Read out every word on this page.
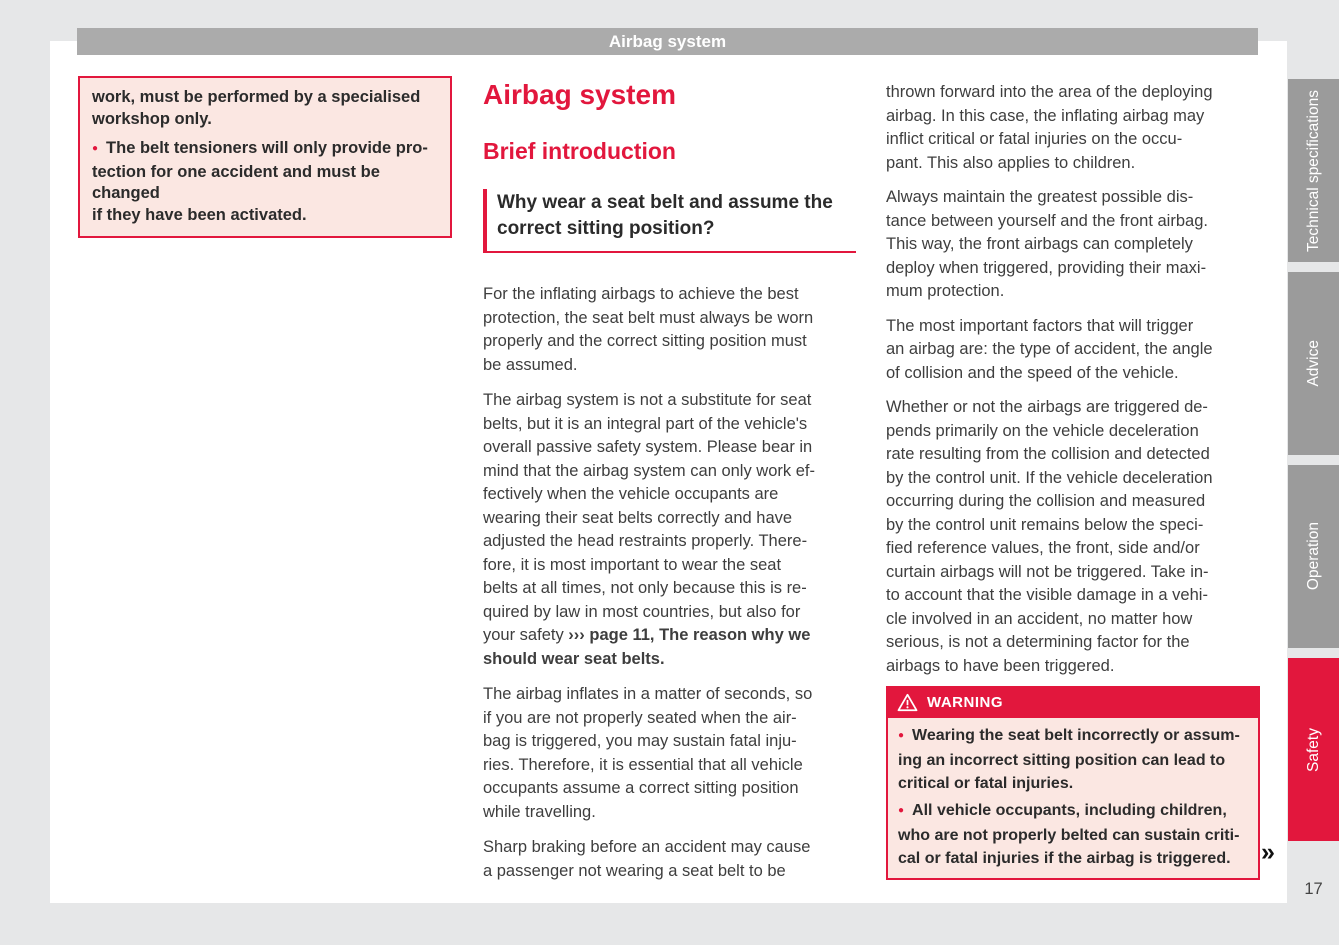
Airbag system

work, must be performed by a specialised
workshop only.

● The belt tensioners will only provide pro-
tection for one accident and must be changed
if they have been activated.

Airbag system
Brief introduction
Why wear a seat belt and assume the
correct sitting position?

For the inflating airbags to achieve the best
protection, the seat belt must always be worn
properly and the correct sitting position must
be assumed.

The airbag system is not a substitute for seat
belts, but it is an integral part of the vehicle's
overall passive safety system. Please bear in
mind that the airbag system can only work ef-
fectively when the vehicle occupants are
wearing their seat belts correctly and have
adjusted the head restraints properly. There-
fore, it is most important to wear the seat
belts at all times, not only because this is re-
quired by law in most countries, but also for
your safety ››› page 11, The reason why we
should wear seat belts.

The airbag inflates in a matter of seconds, so
if you are not properly seated when the air-
bag is triggered, you may sustain fatal inju-
ries. Therefore, it is essential that all vehicle
occupants assume a correct sitting position
while travelling.

Sharp braking before an accident may cause
a passenger not wearing a seat belt to be

thrown forward into the area of the deploying
airbag. In this case, the inflating airbag may
inflict critical or fatal injuries on the occu-
pant. This also applies to children.

Always maintain the greatest possible dis-
tance between yourself and the front airbag.
This way, the front airbags can completely
deploy when triggered, providing their maxi-
mum protection.

The most important factors that will trigger
an airbag are: the type of accident, the angle
of collision and the speed of the vehicle.

Whether or not the airbags are triggered de-
pends primarily on the vehicle deceleration
rate resulting from the collision and detected
by the control unit. If the vehicle deceleration
occurring during the collision and measured
by the control unit remains below the speci-
fied reference values, the front, side and/or
curtain airbags will not be triggered. Take in-
to account that the visible damage in a vehi-
cle involved in an accident, no matter how
serious, is not a determining factor for the
airbags to have been triggered.

WARNING

● Wearing the seat belt incorrectly or assum-
ing an incorrect sitting position can lead to
critical or fatal injuries.

● All vehicle occupants, including children,
who are not properly belted can sustain criti-
cal or fatal injuries if the airbag is triggered.	»
Technical specifications
Advice
Operation
Safety
17
